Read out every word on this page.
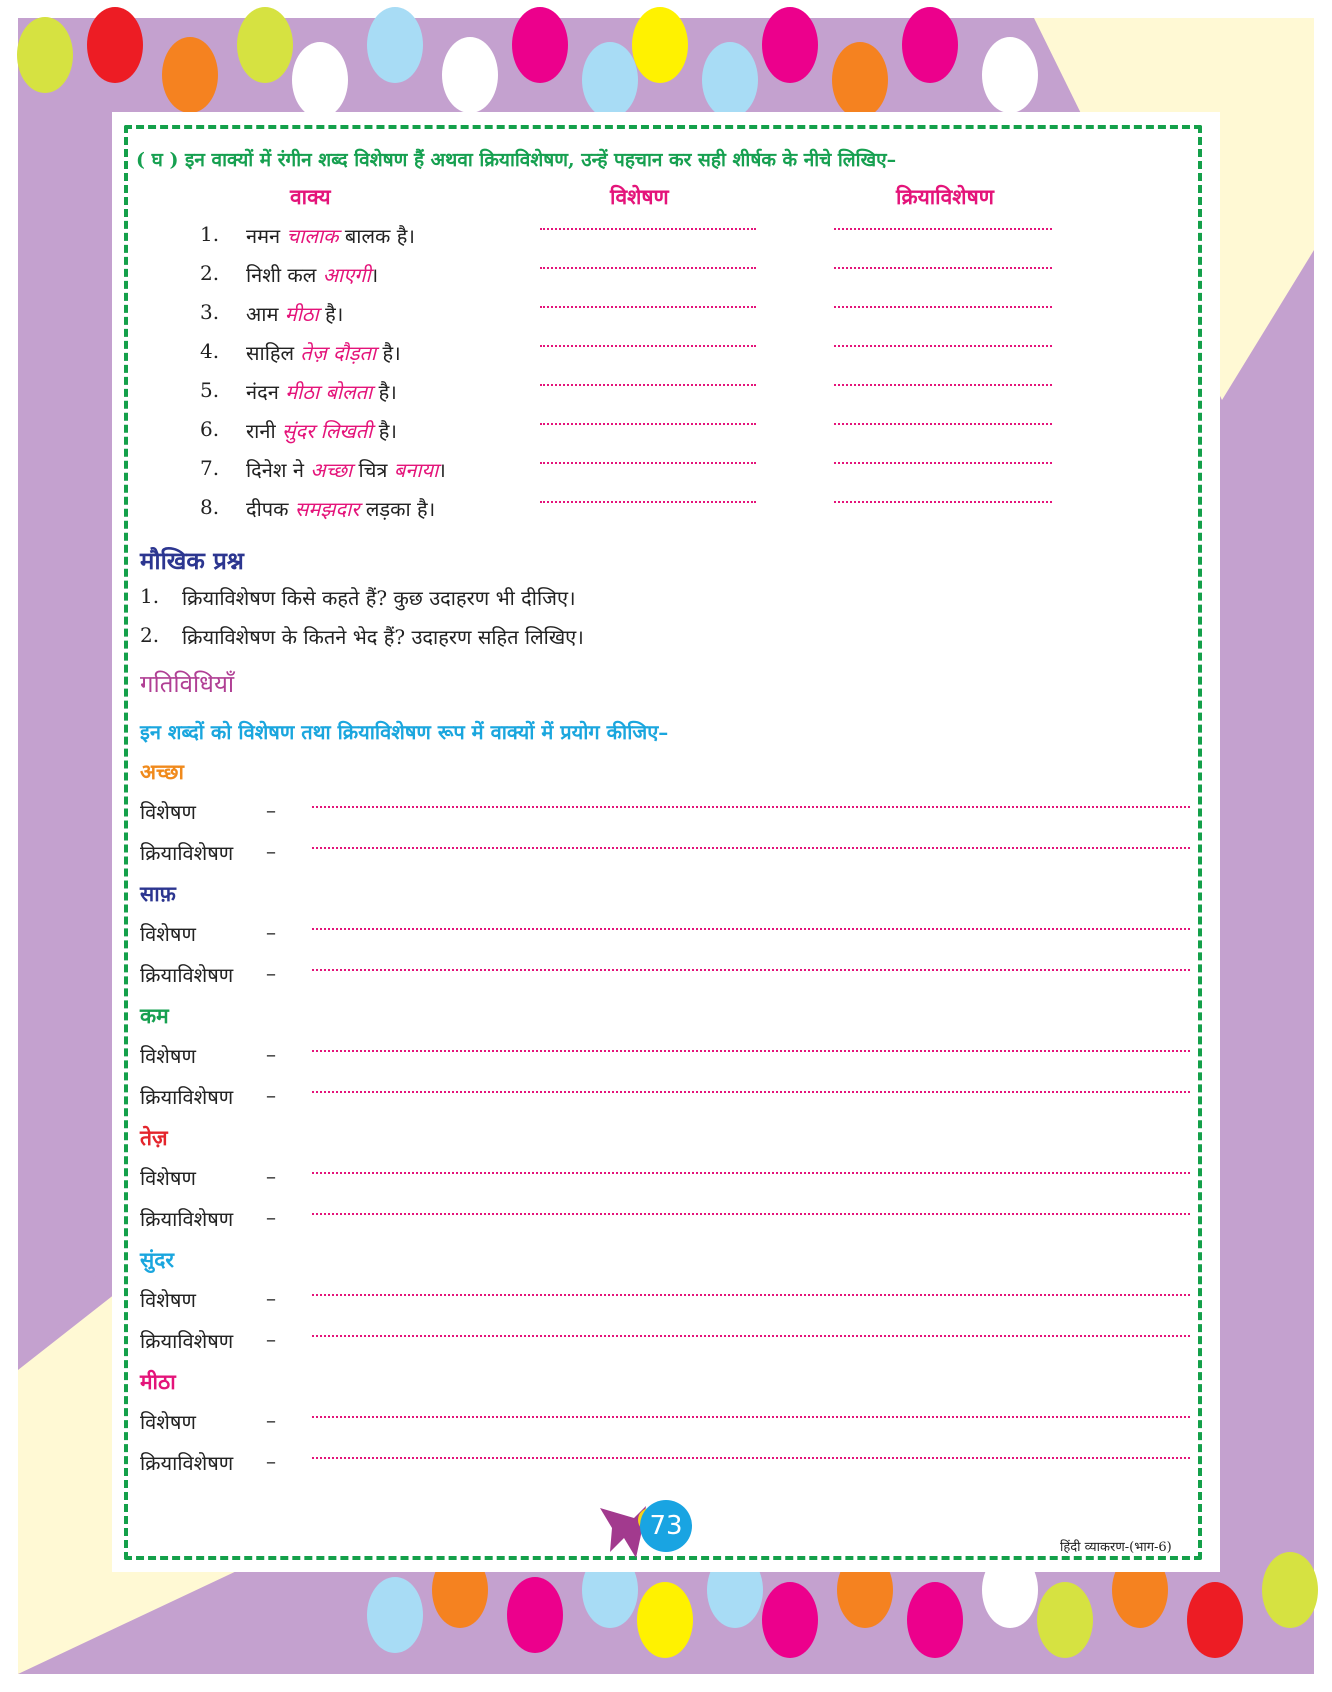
( घ ) इन वाक्यों में रंगीन शब्द विशेषण हैं अथवा क्रियाविशेषण, उन्हें पहचान कर सही शीर्षक के नीचे लिखिए–
वाक्य	विशेषण	क्रियाविशेषण
1. नमन चालाक बालक है।
2. निशी कल आएगी।
3. आम मीठा है।
4. साहिल तेज़ दौड़ता है।
5. नंदन मीठा बोलता है।
6. रानी सुंदर लिखती है।
7. दिनेश ने अच्छा चित्र बनाया।
8. दीपक समझदार लड़का है।
मौखिक प्रश्न
1. क्रियाविशेषण किसे कहते हैं? कुछ उदाहरण भी दीजिए।
2. क्रियाविशेषण के कितने भेद हैं? उदाहरण सहित लिखिए।
गतिविधियाँ
इन शब्दों को विशेषण तथा क्रियाविशेषण रूप में वाक्यों में प्रयोग कीजिए–
अच्छा
विशेषण	–
क्रियाविशेषण –
साफ़
विशेषण	–
क्रियाविशेषण –
कम
विशेषण	–
क्रियाविशेषण –
तेज़
विशेषण	–
क्रियाविशेषण –
सुंदर
विशेषण	–
क्रियाविशेषण –
मीठा
विशेषण	–
क्रियाविशेषण –
73
हिंदी व्याकरण-(भाग-6)
